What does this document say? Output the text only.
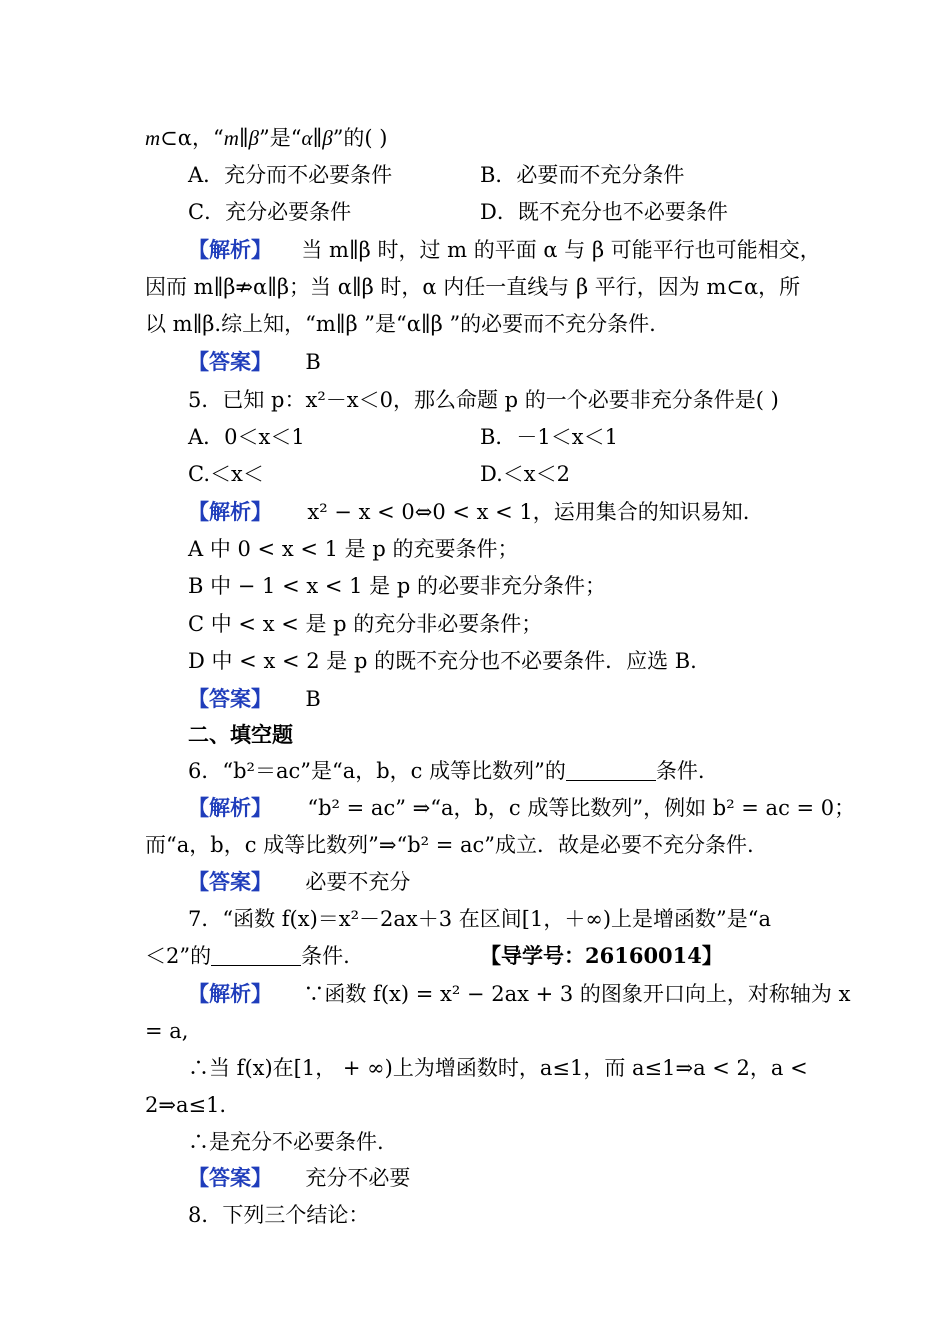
m⊂α，“m∥β”是“α∥β”的( )
A．充分而不必要条件	B．必要而不充分条件
C．充分必要条件	D．既不充分也不必要条件
【解析】 当 m∥β 时，过 m 的平面 α 与 β 可能平行也可能相交，
因而 m∥β⇏α∥β；当 α∥β 时，α 内任一直线与 β 平行，因为 m⊂α，所
以 m∥β.综上知，“m∥β ”是“α∥β ”的必要而不充分条件.
【答案】 B
5．已知 p：x²－x＜0，那么命题 p 的一个必要非充分条件是( )
A．0＜x＜1	B．－1＜x＜1
C.＜x＜	D.＜x＜2
【解析】 x² − x < 0⇔0 < x < 1，运用集合的知识易知.
A 中 0 < x < 1 是 p 的充要条件；
B 中 − 1 < x < 1 是 p 的必要非充分条件；
C 中 < x < 是 p 的充分非必要条件；
D 中 < x < 2 是 p 的既不充分也不必要条件．应选 B.
【答案】 B
二、填空题
6．“b²＝ac”是“a，b，c 成等比数列”的	条件.
【解析】 “b² = ac” ⇒“a，b，c 成等比数列”，例如 b² = ac = 0；
而“a，b，c 成等比数列”⇒“b² = ac”成立．故是必要不充分条件.
【答案】 必要不充分
7．“函数 f(x)＝x²－2ax＋3 在区间[1，＋∞)上是增函数”是“a
＜2”的	条件.	【导学号：26160014】
【解析】 ∵函数 f(x) = x² − 2ax + 3 的图象开口向上，对称轴为 x
= a,
∴当 f(x)在[1， + ∞)上为增函数时，a≤1，而 a≤1⇒a < 2，a <
2⇒a≤1.
∴是充分不必要条件.
【答案】 充分不必要
8．下列三个结论：
